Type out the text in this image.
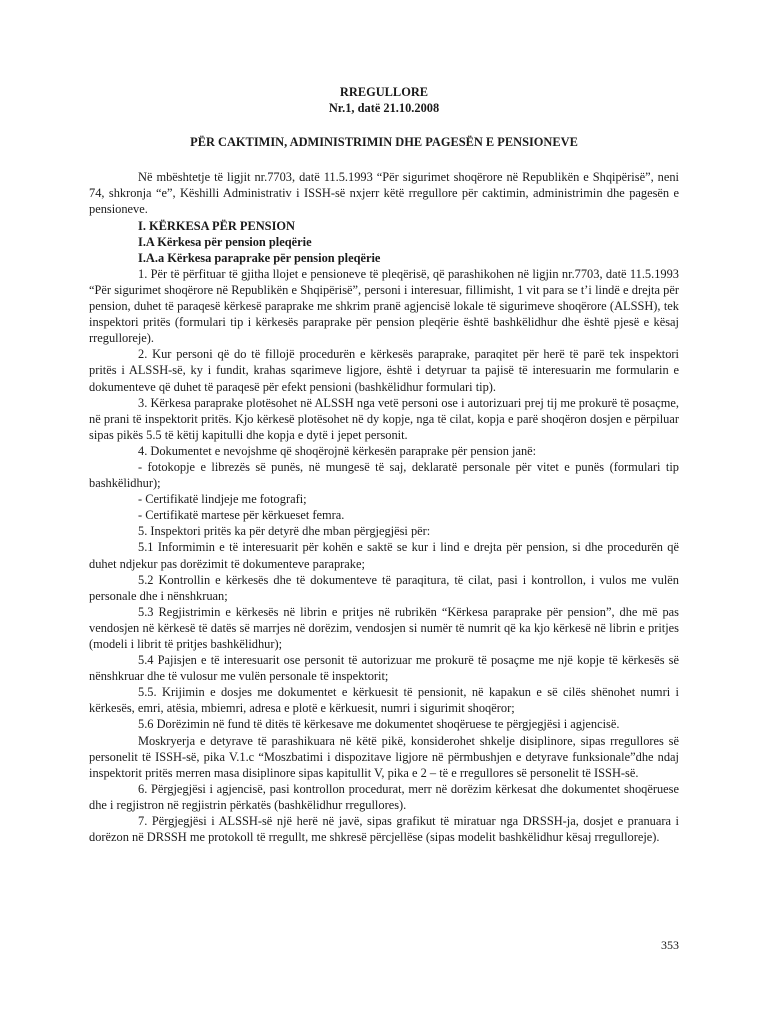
RREGULLORE

Nr.1, datë 21.10.2008

PËR CAKTIMIN, ADMINISTRIMIN DHE PAGESËN E PENSIONEVE

Në mbështetje të ligjit nr.7703, datë 11.5.1993 “Për sigurimet shoqërore në Republikën e Shqipërisë”, neni 74, shkronja “e”, Këshilli Administrativ i ISSH-së nxjerr këtë rregullore për caktimin, administrimin dhe pagesën e pensioneve.

I. KËRKESA PËR PENSION

I.A Kërkesa për pension pleqërie

I.A.a Kërkesa paraprake për pension pleqërie

1. Për të përfituar të gjitha llojet e pensioneve të pleqërisë, që parashikohen në ligjin nr.7703, datë 11.5.1993 “Për sigurimet shoqërore në Republikën e Shqipërisë”, personi i interesuar, fillimisht, 1 vit para se t’i lindë e drejta për pension, duhet të paraqesë kërkesë paraprake me shkrim pranë agjencisë lokale të sigurimeve shoqërore (ALSSH), tek inspektori pritës (formulari tip i kërkesës paraprake për pension pleqërie është bashkëlidhur dhe është pjesë e kësaj rregulloreje).

2. Kur personi që do të fillojë procedurën e kërkesës paraprake, paraqitet për herë të parë tek inspektori pritës i ALSSH-së, ky i fundit, krahas sqarimeve ligjore, është i detyruar ta pajisë të interesuarin me formularin e dokumenteve që duhet të paraqesë për efekt pensioni (bashkëlidhur formulari tip).

3. Kërkesa paraprake plotësohet në ALSSH nga vetë personi ose i autorizuari prej tij me prokurë të posaçme, në prani të inspektorit pritës. Kjo kërkesë plotësohet në dy kopje, nga të cilat, kopja e parë shoqëron dosjen e përpiluar sipas pikës 5.5 të këtij kapitulli dhe kopja e dytë i jepet personit.

4. Dokumentet e nevojshme që shoqërojnë kërkesën paraprake për pension janë:

- fotokopje e librezës së punës, në mungesë të saj, deklaratë personale për vitet e punës (formulari tip bashkëlidhur);

- Certifikatë lindjeje me fotografi;

- Certifikatë martese për kërkueset femra.

5. Inspektori pritës ka për detyrë dhe mban përgjegjësi për:

5.1 Informimin e të interesuarit për kohën e saktë se kur i lind e drejta për pension, si dhe procedurën që duhet ndjekur pas dorëzimit të dokumenteve paraprake;

5.2 Kontrollin e kërkesës dhe të dokumenteve të paraqitura, të cilat, pasi i kontrollon, i vulos me vulën personale dhe i nënshkruan;

5.3 Regjistrimin e kërkesës në librin e pritjes në rubrikën “Kërkesa paraprake për pension”, dhe më pas vendosjen në kërkesë të datës së marrjes në dorëzim, vendosjen si numër të numrit që ka kjo kërkesë në librin e pritjes (modeli i librit të pritjes bashkëlidhur);

5.4 Pajisjen e të interesuarit ose personit të autorizuar me prokurë të posaçme me një kopje të kërkesës së nënshkruar dhe të vulosur me vulën personale të inspektorit;

5.5. Krijimin e dosjes me dokumentet e kërkuesit të pensionit, në kapakun e së cilës shënohet numri i kërkesës, emri, atësia, mbiemri, adresa e plotë e kërkuesit, numri i sigurimit shoqëror;

5.6 Dorëzimin në fund të ditës të kërkesave me dokumentet shoqëruese te përgjegjësi i agjencisë.

Moskryerja e detyrave të parashikuara në këtë pikë, konsiderohet shkelje disiplinore, sipas rregullores së personelit të ISSH-së, pika V.1.c “Moszbatimi i dispozitave ligjore në përmbushjen e detyrave funksionale”dhe ndaj inspektorit pritës merren masa disiplinore sipas kapitullit V, pika e 2 – të e rregullores së personelit të ISSH-së.

6. Përgjegjësi i agjencisë, pasi kontrollon procedurat, merr në dorëzim kërkesat dhe dokumentet shoqëruese dhe i regjistron në regjistrin përkatës (bashkëlidhur rregullores).

7. Përgjegjësi i ALSSH-së një herë në javë, sipas grafikut të miratuar nga DRSSH-ja, dosjet e pranuara i dorëzon në DRSSH me protokoll të rregullt, me shkresë përcjellëse (sipas modelit bashkëlidhur kësaj rregulloreje).

353
